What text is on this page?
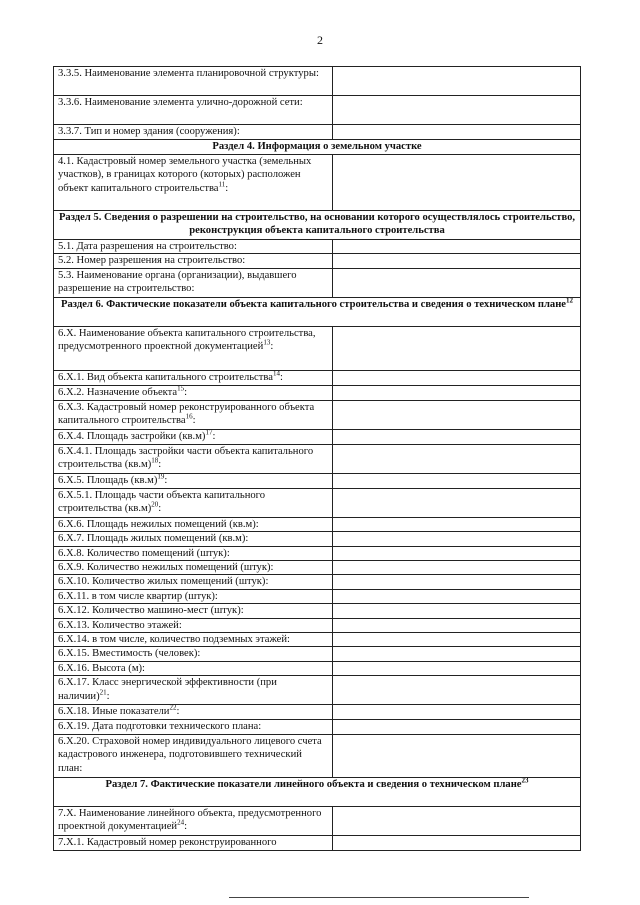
2
3.3.5. Наименование элемента планировочной структуры:	
3.3.6. Наименование элемента улично-дорожной сети:	
3.3.7. Тип и номер здания (сооружения):	
Раздел 4. Информация о земельном участке	
4.1. Кадастровый номер земельного участка (земельных участков), в границах которого (которых) расположен объект капитального строительства$^{11}$:	
Раздел 5. Сведения о разрешении на строительство, на основании которого осуществлялось строительство, реконструкция объекта капитального строительства	
5.1. Дата разрешения на строительство:	
5.2. Номер разрешения на строительство:	
5.3. Наименование органа (организации), выдавшего разрешение на строительство:	
Раздел 6. Фактические показатели объекта капитального строительства и сведения о техническом плане$^{12}$
6.X. Наименование объекта капитального строительства, предусмотренного проектной документацией$^{13}$:	
6.X.1. Вид объекта капитального строительства$^{14}$:	
6.X.2. Назначение объекта$^{15}$:	
6.X.3. Кадастровый номер реконструированного объекта капитального строительства$^{16}$:	
6.X.4. Площадь застройки $(кв.м)^{17}$:	
6.X.4.1. Площадь застройки части объекта капитального строительства $(кв.м)^{18}$:	
6.X.5. Площадь $(кв.м)^{19}$:	
6.X.5.1. Площадь части объекта капитального строительства $(кв.м)^{20}$:	
6.X.6. Площадь нежилых помещений (кв.м):	
6.X.7. Площадь жилых помещений (кв.м):	
6.X.8. Количество помещений (штук):	
6.X.9. Количество нежилых помещений (штук):	
6.X.10. Количество жилых помещений (штук):	
6.X.11. в том числе квартир (штук):	
6.X.12. Количество машино-мест (штук):	
6.X.13. Количество этажей:	
6.X.14. в том числе, количество подземных этажей:	
6.X.15. Вместимость (человек):	
6.X.16. Высота (м):	
6.X.17. Класс энергической эффективности (при наличии)$^{21}$:	
6.X.18. Иные показатели$^{22}$:	
6.X.19. Дата подготовки технического плана:	
6.X.20. Страховой номер индивидуального лицевого счета кадастрового инженера, подготовившего технический план:	
Раздел 7. Фактические показатели линейного объекта и сведения о техническом плане$^{23}$
7.X. Наименование линейного объекта, предусмотренного проектной документацией$^{24}$:	
7.X.1. Кадастровый номер реконструированного	
